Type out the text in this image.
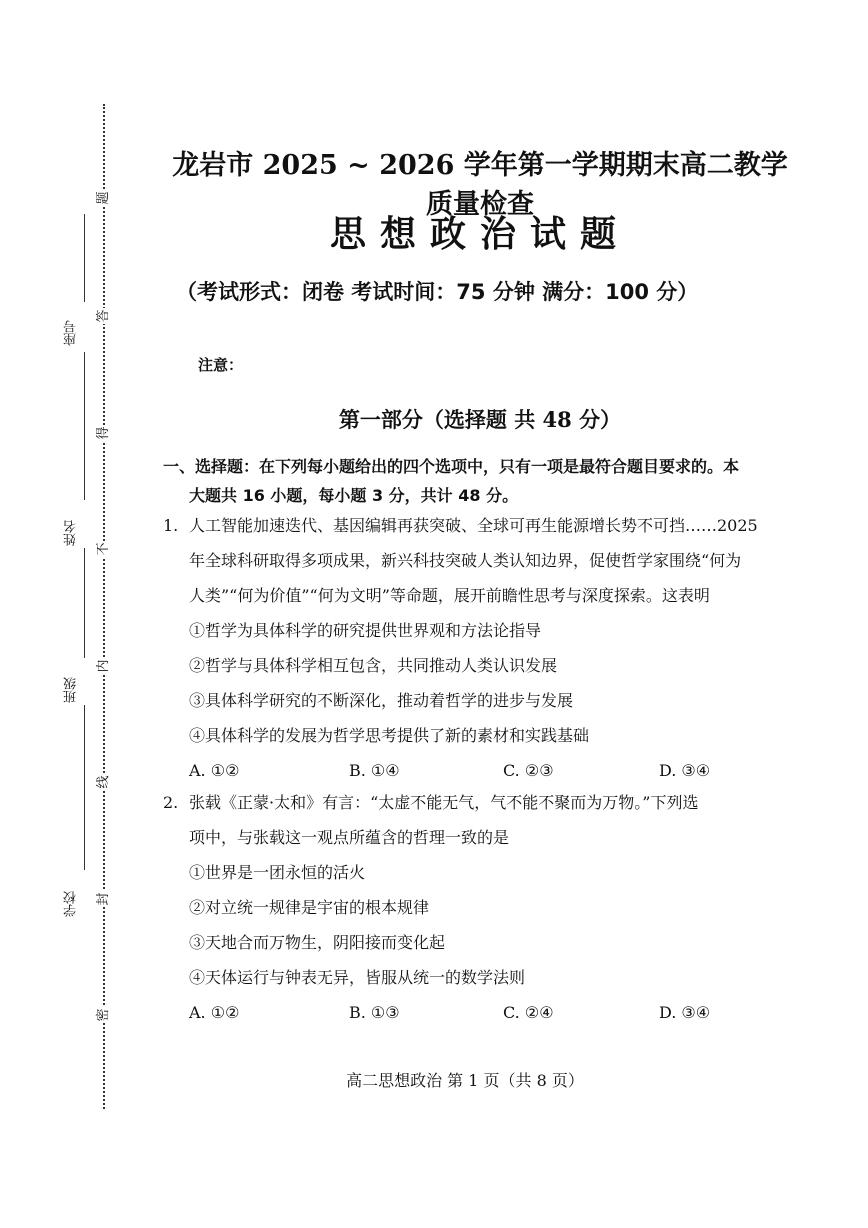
题
答
得
不
内
线
封
密
座号
姓名
班级
学校
龙岩市 2025 ~ 2026 学年第一学期期末高二教学质量检查
思想政治试题
（考试形式：闭卷 考试时间：75 分钟 满分：100 分）
注意：
第一部分（选择题 共 48 分）
一、选择题：在下列每小题给出的四个选项中，只有一项是最符合题目要求的。本
大题共 16 小题，每小题 3 分，共计 48 分。
1. 人工智能加速迭代、基因编辑再获突破、全球可再生能源增长势不可挡……2025
年全球科研取得多项成果，新兴科技突破人类认知边界，促使哲学家围绕“何为
人类”“何为价值”“何为文明”等命题，展开前瞻性思考与深度探索。这表明
①哲学为具体科学的研究提供世界观和方法论指导
②哲学与具体科学相互包含，共同推动人类认识发展
③具体科学研究的不断深化，推动着哲学的进步与发展
④具体科学的发展为哲学思考提供了新的素材和实践基础
A. ①②	B. ①④	C. ②③	D. ③④
2. 张载《正蒙·太和》有言：“太虚不能无气，气不能不聚而为万物。”下列选
项中，与张载这一观点所蕴含的哲理一致的是
①世界是一团永恒的活火
②对立统一规律是宇宙的根本规律
③天地合而万物生，阴阳接而变化起
④天体运行与钟表无异，皆服从统一的数学法则
A. ①②	B. ①③	C. ②④	D. ③④
高二思想政治 第 1 页（共 8 页）
